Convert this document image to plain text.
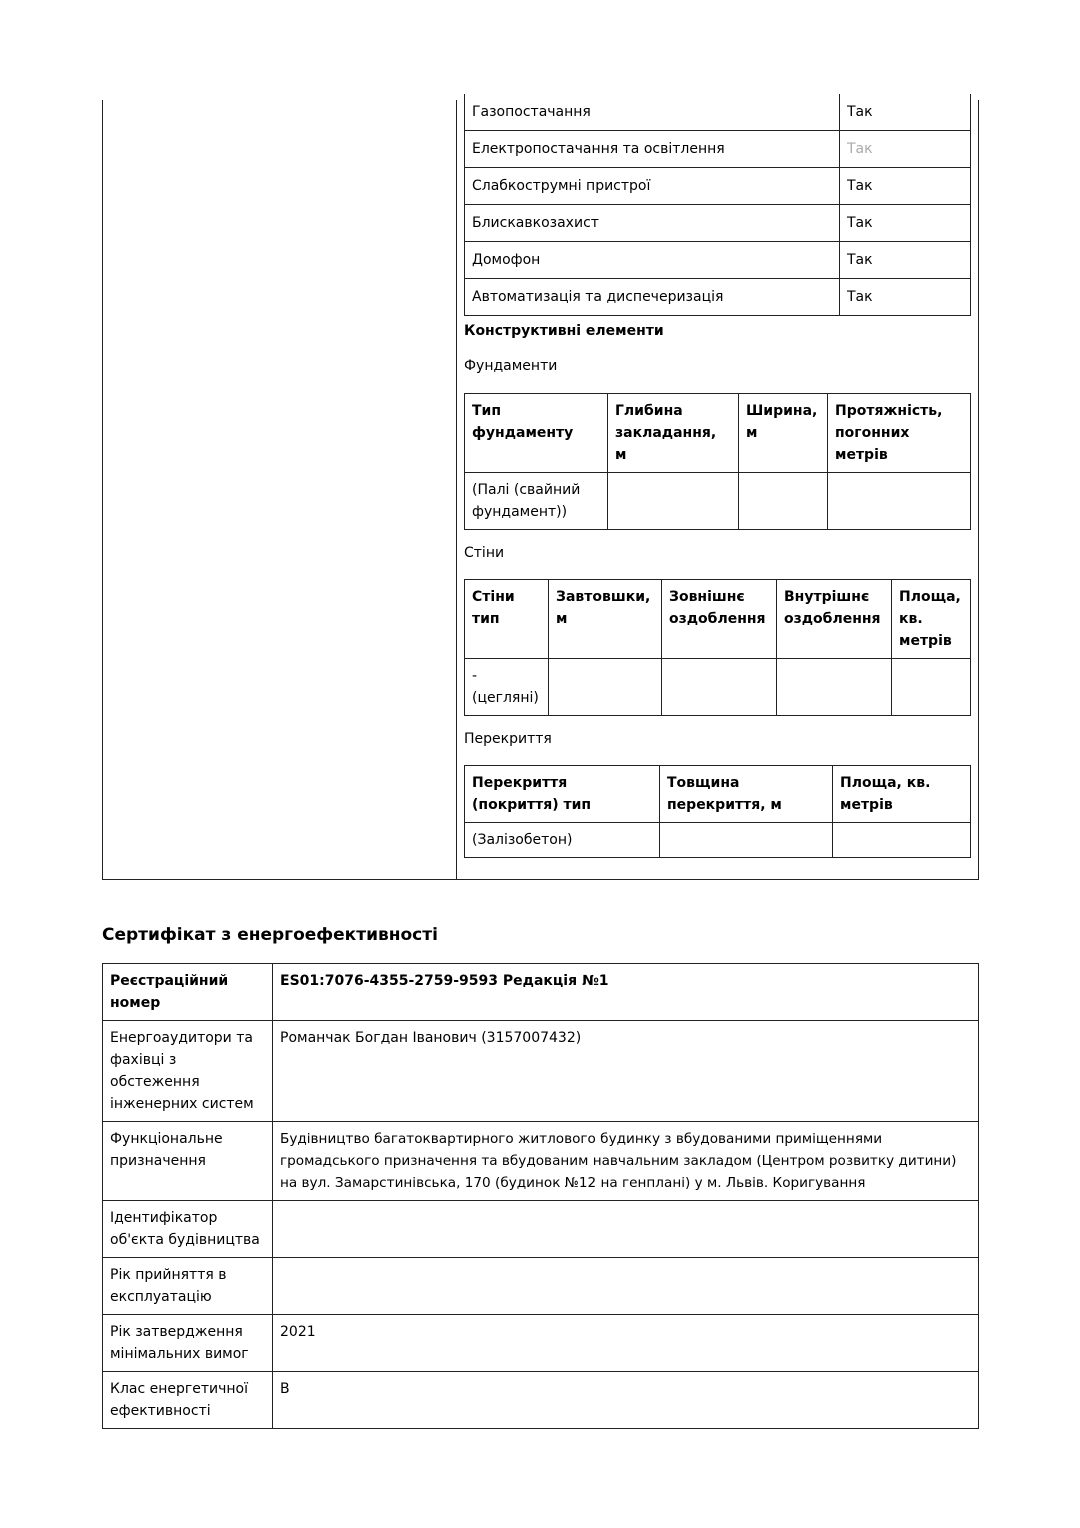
Газопостачання	Так
Електропостачання та освітлення	Так
Слабкострумні пристрої	Так
Блискавкозахист	Так
Домофон	Так
Автоматизація та диспечеризація	Так
Конструктивні елементи
Фундаменти
Тип фундаменту	Глибина закладання, м	Ширина, м	Протяжність, погонних метрів
(Палі (свайний фундамент))			
Стіни
Стіни тип	Завтовшки, м	Зовнішнє оздоблення	Внутрішнє оздоблення	Площа, кв. метрів
- (цегляні)				
Перекриття
Перекриття (покриття) тип	Товщина перекриття, м	Площа, кв. метрів
(Залізобетон)		
Сертифікат з енергоефективності
Реєстраційний номер	ES01:7076-4355-2759-9593 Редакція №1
Енергоаудитори та фахівці з обстеження інженерних систем	Романчак Богдан Іванович (3157007432)
Функціональне призначення	Будівництво багатоквартирного житлового будинку з вбудованими приміщеннями громадського призначення та вбудованим навчальним закладом (Центром розвитку дитини) на вул. Замарстинівська, 170 (будинок №12 на генплані) у м. Львів. Коригування
Ідентифікатор об'єкта будівництва	
Рік прийняття в експлуатацію	
Рік затвердження мінімальних вимог	2021
Клас енергетичної ефективності	B
